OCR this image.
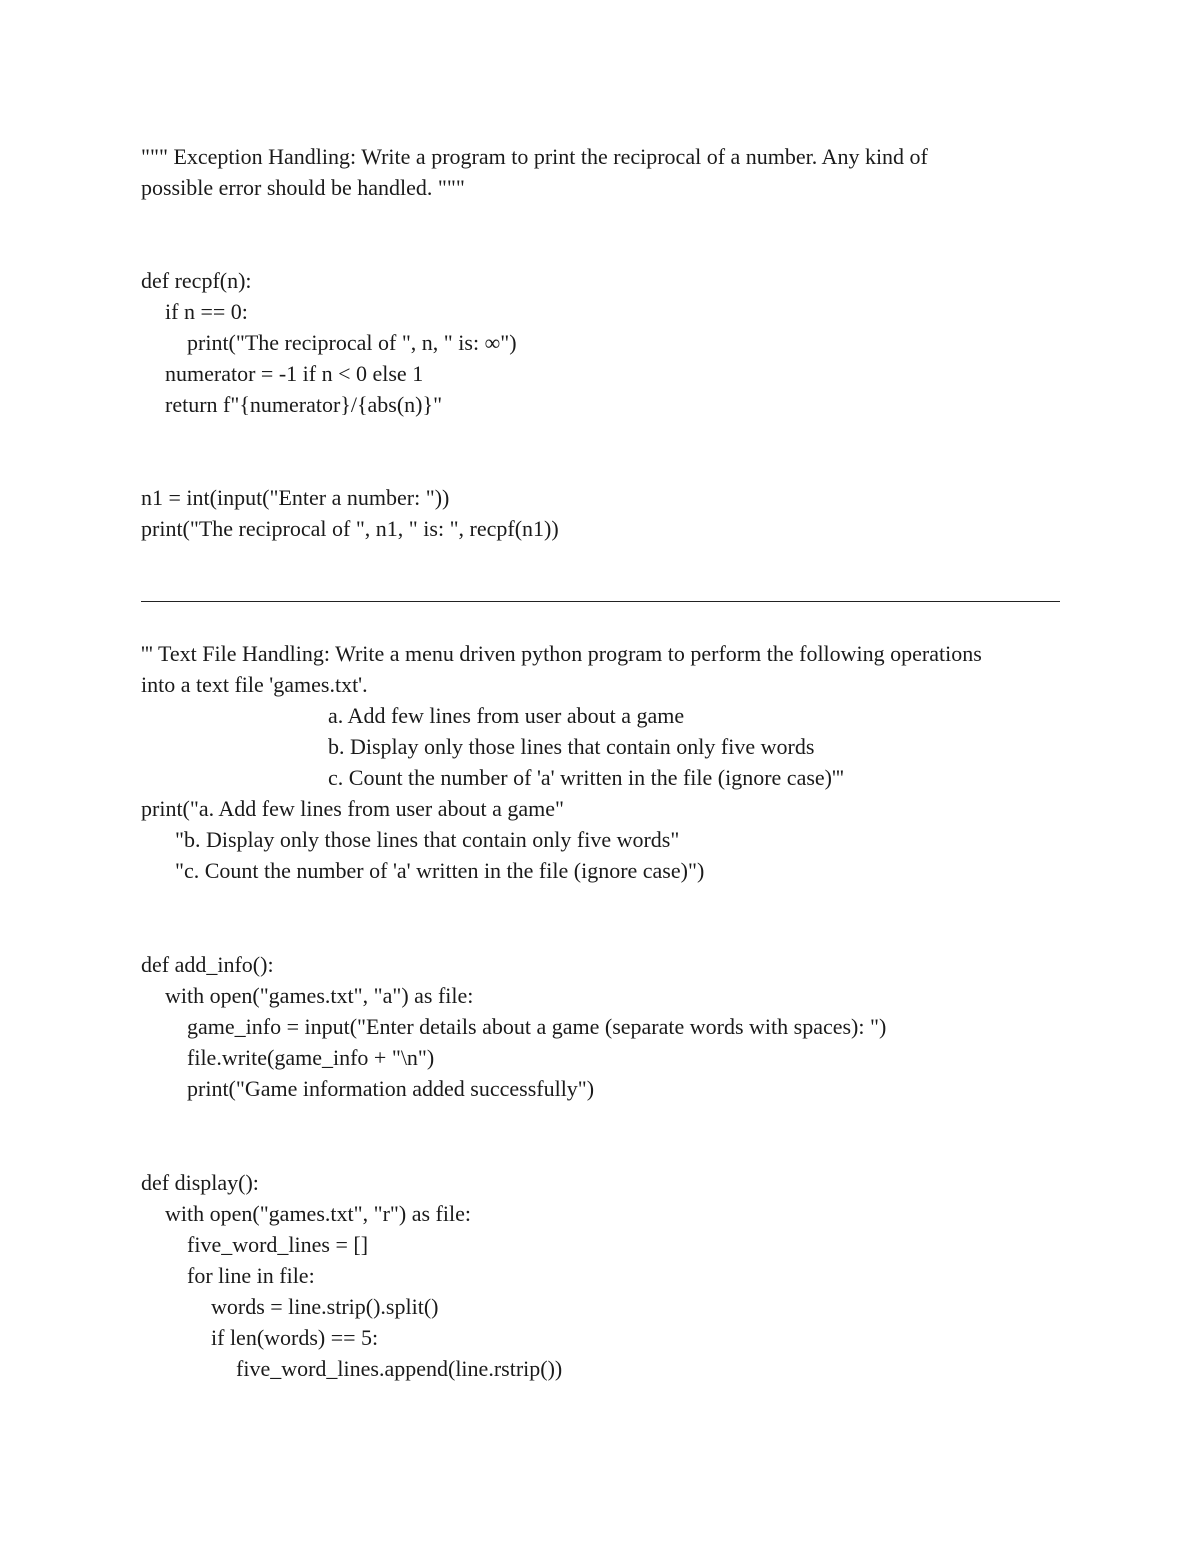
""" Exception Handling: Write a program to print the reciprocal of a number. Any kind of
possible error should be handled. """
def recpf(n):
if n == 0:
print("The reciprocal of ", n, " is: ∞")
numerator = -1 if n < 0 else 1
return f"{numerator}/{abs(n)}"
n1 = int(input("Enter a number: "))
print("The reciprocal of ", n1, " is: ", recpf(n1))
''' Text File Handling: Write a menu driven python program to perform the following operations
into a text file 'games.txt'.
a. Add few lines from user about a game
b. Display only those lines that contain only five words
c. Count the number of 'a' written in the file (ignore case)'''
print("a. Add few lines from user about a game"
"b. Display only those lines that contain only five words"
"c. Count the number of 'a' written in the file (ignore case)")
def add_info():
with open("games.txt", "a") as file:
game_info = input("Enter details about a game (separate words with spaces): ")
file.write(game_info + "\n")
print("Game information added successfully")
def display():
with open("games.txt", "r") as file:
five_word_lines = []
for line in file:
words = line.strip().split()
if len(words) == 5:
five_word_lines.append(line.rstrip())
